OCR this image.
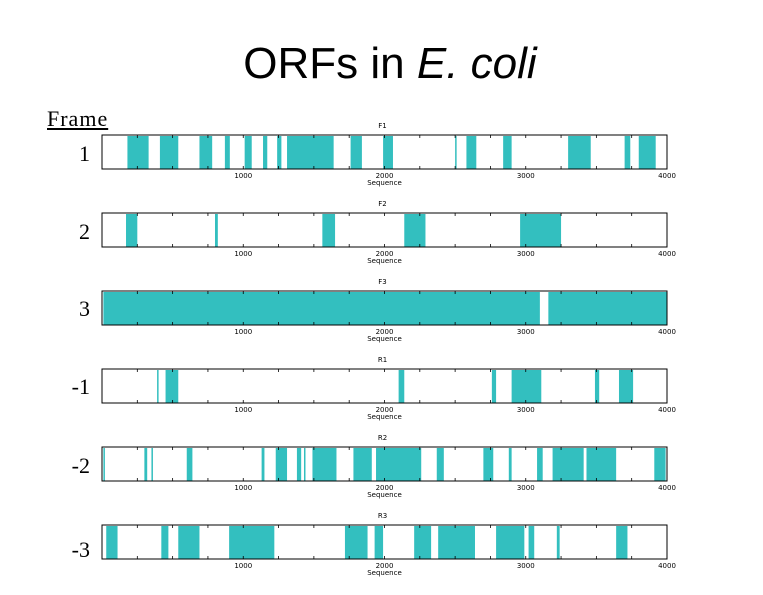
ORFs in E. coli
Frame
1
2
3
-1
-2
-3
F1
1000	2000	3000	4000
Sequence
F2
1000	2000	3000	4000
Sequence
F3
1000	2000	3000	4000
Sequence
R1
1000	2000	3000	4000
Sequence
R2
1000	2000	3000	4000
Sequence
R3
1000	2000	3000	4000
Sequence
